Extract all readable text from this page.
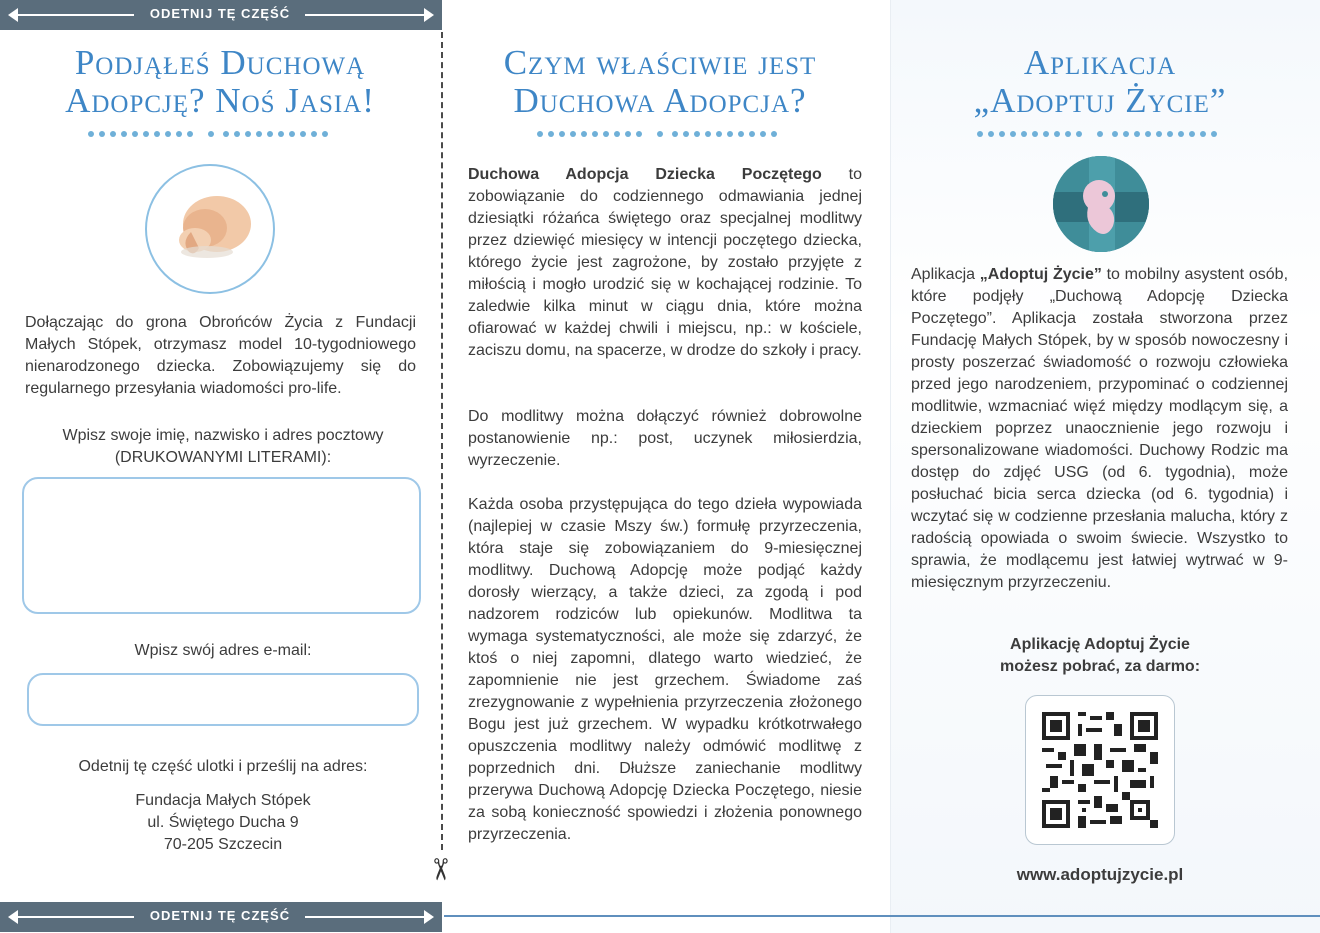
ODETNIJ TĘ CZĘŚĆ
ODETNIJ TĘ CZĘŚĆ
✂
Podjąłeś Duchową
Adopcję? Noś Jasia!
Dołączając do grona Obrońców Życia z Fundacji Małych Stópek, otrzymasz model 10-tygodniowego nienarodzonego dziecka. Zobowiązujemy się do regularnego przesyłania wiadomości pro-life.
Wpisz swoje imię, nazwisko i adres pocztowy
(DRUKOWANYMI LITERAMI):
Wpisz swój adres e-mail:
Odetnij tę część ulotki i prześlij na adres:
Fundacja Małych Stópek
ul. Świętego Ducha 9
70-205 Szczecin
Czym właściwie jest
Duchowa Adopcja?
Duchowa Adopcja Dziecka Poczętego to zobowiązanie do codziennego odmawiania jednej dziesiątki różańca świętego oraz specjalnej modlitwy przez dziewięć miesięcy w intencji poczętego dziecka, którego życie jest zagrożone, by zostało przyjęte z miłością i mogło urodzić się w kochającej rodzinie. To zaledwie kilka minut w ciągu dnia, które można ofiarować w każdej chwili i miejscu, np.: w kościele, zaciszu domu, na spacerze, w drodze do szkoły i pracy.
Do modlitwy można dołączyć również dobrowolne postanowienie np.: post, uczynek miłosierdzia, wyrzeczenie.
Każda osoba przystępująca do tego dzieła wypowiada (najlepiej w czasie Mszy św.) formułę przyrzeczenia, która staje się zobowiązaniem do 9-miesięcznej modlitwy. Duchową Adopcję może podjąć każdy dorosły wierzący, a także dzieci, za zgodą i pod nadzorem rodziców lub opiekunów. Modlitwa ta wymaga systematyczności, ale może się zdarzyć, że ktoś o niej zapomni, dlatego warto wiedzieć, że zapomnienie nie jest grzechem. Świadome zaś zrezygnowanie z wypełnienia przyrzeczenia złożonego Bogu jest już grzechem. W wypadku krótkotrwałego opuszczenia modlitwy należy odmówić modlitwę z poprzednich dni. Dłuższe zaniechanie modlitwy przerywa Duchową Adopcję Dziecka Poczętego, niesie za sobą konieczność spowiedzi i złożenia ponownego przyrzeczenia.
Aplikacja
„Adoptuj Życie”
Aplikacja „Adoptuj Życie” to mobilny asystent osób, które podjęły „Duchową Adopcję Dziecka Poczętego”. Aplikacja została stworzona przez Fundację Małych Stópek, by w sposób nowoczesny i prosty poszerzać świadomość o rozwoju człowieka przed jego narodzeniem, przypominać o codziennej modlitwie, wzmacniać więź między modlącym się, a dzieckiem poprzez unaocznienie jego rozwoju i spersonalizowane wiadomości. Duchowy Rodzic ma dostęp do zdjęć USG (od 6. tygodnia), może posłuchać bicia serca dziecka (od 6. tygodnia) i wczytać się w codzienne przesłania malucha, który z radością opowiada o swoim świecie. Wszystko to sprawia, że modlącemu jest łatwiej wytrwać w 9-miesięcznym przyrzeczeniu.
Aplikację Adoptuj Życie
możesz pobrać, za darmo:
www.adoptujzycie.pl
